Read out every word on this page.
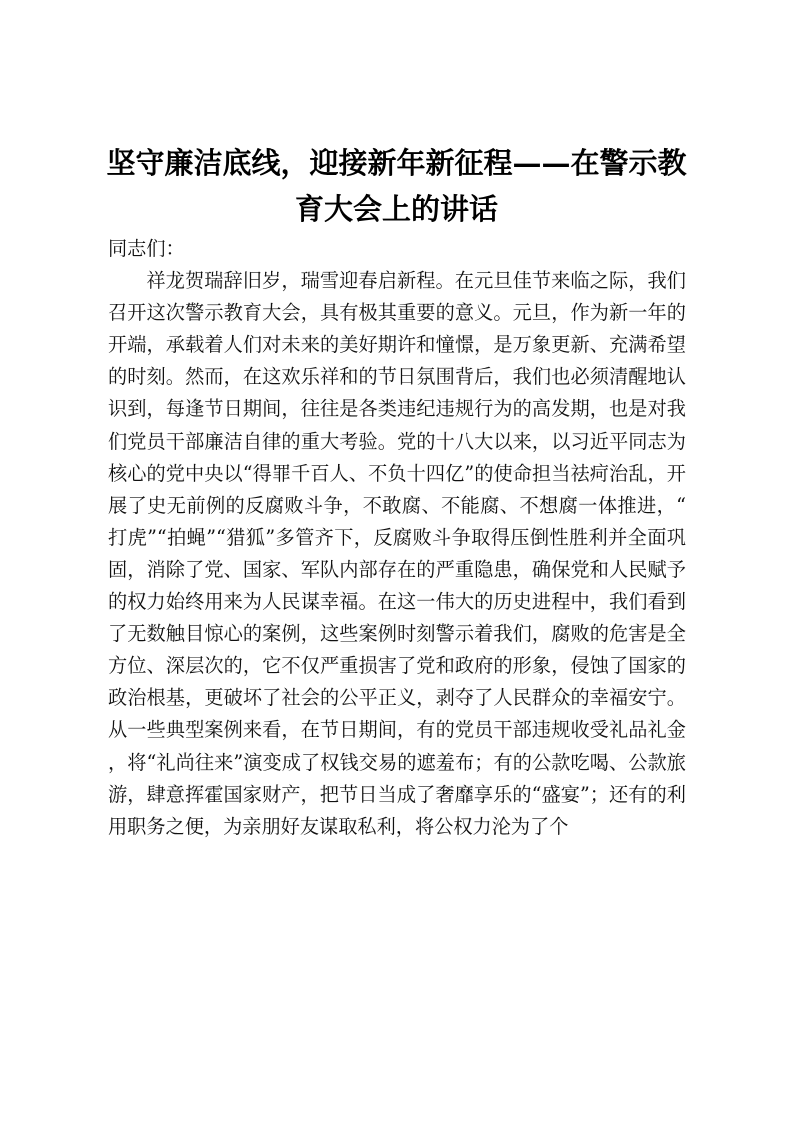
坚守廉洁底线，迎接新年新征程——在警示教育大会上的讲话

同志们：

祥龙贺瑞辞旧岁，瑞雪迎春启新程。在元旦佳节来临之际，我们召开这次警示教育大会，具有极其重要的意义。元旦，作为新一年的开端，承载着人们对未来的美好期许和憧憬，是万象更新、充满希望的时刻。然而，在这欢乐祥和的节日氛围背后，我们也必须清醒地认识到，每逢节日期间，往往是各类违纪违规行为的高发期，也是对我们党员干部廉洁自律的重大考验。党的十八大以来，以习近平同志为核心的党中央以“得罪千百人、不负十四亿”的使命担当祛疴治乱，开展了史无前例的反腐败斗争，不敢腐、不能腐、不想腐一体推进，“打虎”“拍蝇”“猎狐”多管齐下，反腐败斗争取得压倒性胜利并全面巩固，消除了党、国家、军队内部存在的严重隐患，确保党和人民赋予的权力始终用来为人民谋幸福。在这一伟大的历史进程中，我们看到了无数触目惊心的案例，这些案例时刻警示着我们，腐败的危害是全方位、深层次的，它不仅严重损害了党和政府的形象，侵蚀了国家的政治根基，更破坏了社会的公平正义，剥夺了人民群众的幸福安宁。从一些典型案例来看，在节日期间，有的党员干部违规收受礼品礼金，将“礼尚往来”演变成了权钱交易的遮羞布；有的公款吃喝、公款旅游，肆意挥霍国家财产，把节日当成了奢靡享乐的“盛宴”；还有的利用职务之便，为亲朋好友谋取私利，将公权力沦为了个
